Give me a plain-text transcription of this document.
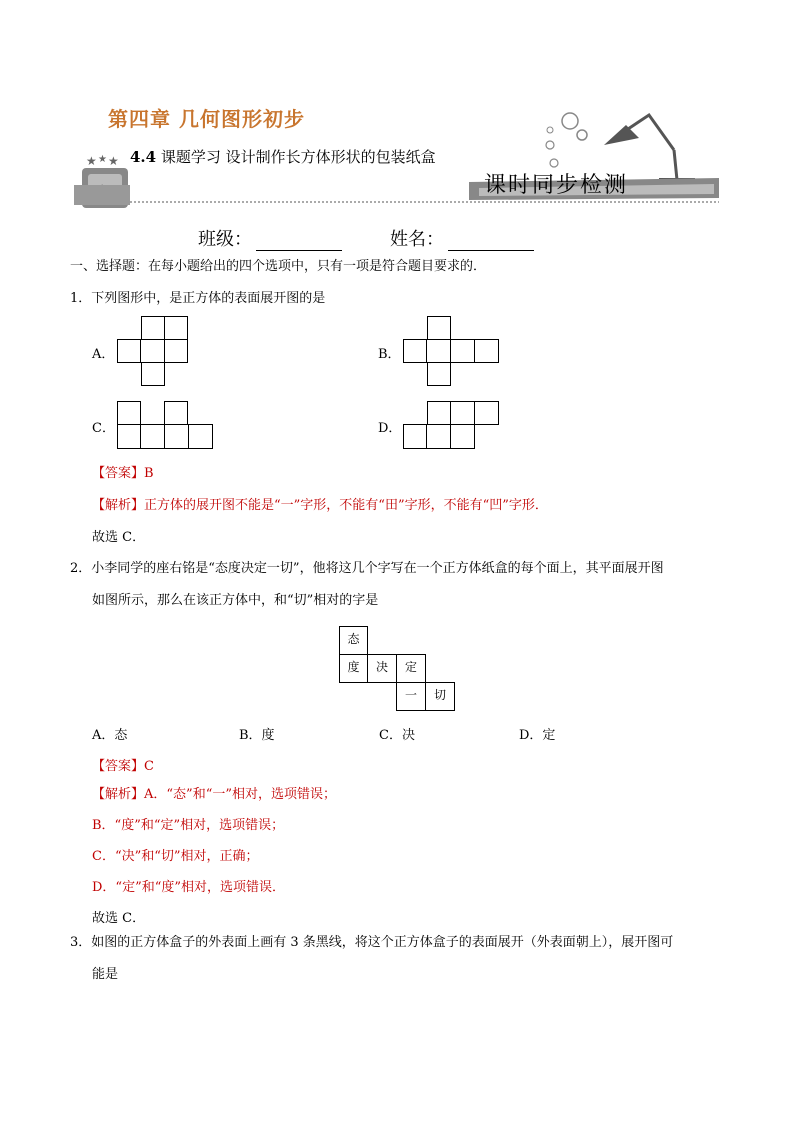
第四章 几何图形初步
★ ★ ★ 4.4 课题学习 设计制作长方体形状的包装纸盒
课时同步检测
班级：	姓名：
一、选择题：在每小题给出的四个选项中，只有一项是符合题目要求的．
1．下列图形中，是正方体的表面展开图的是
A．	B．
C．	D．
【答案】B
【解析】正方体的展开图不能是“一”字形，不能有“田”字形，不能有“凹”字形．
故选 C．
2．小李同学的座右铭是“态度决定一切”，他将这几个字写在一个正方体纸盒的每个面上，其平面展开图
如图所示，那么在该正方体中，和“切”相对的字是
态
度	决	定
一	切
A．态	B．度	C．决	D．定
【答案】C
【解析】A．“态”和“一”相对，选项错误；
B．“度”和“定”相对，选项错误；
C．“决”和“切”相对，正确；
D．“定”和“度”相对，选项错误．
故选 C．
3．如图的正方体盒子的外表面上画有 3 条黑线，将这个正方体盒子的表面展开（外表面朝上），展开图可
能是
